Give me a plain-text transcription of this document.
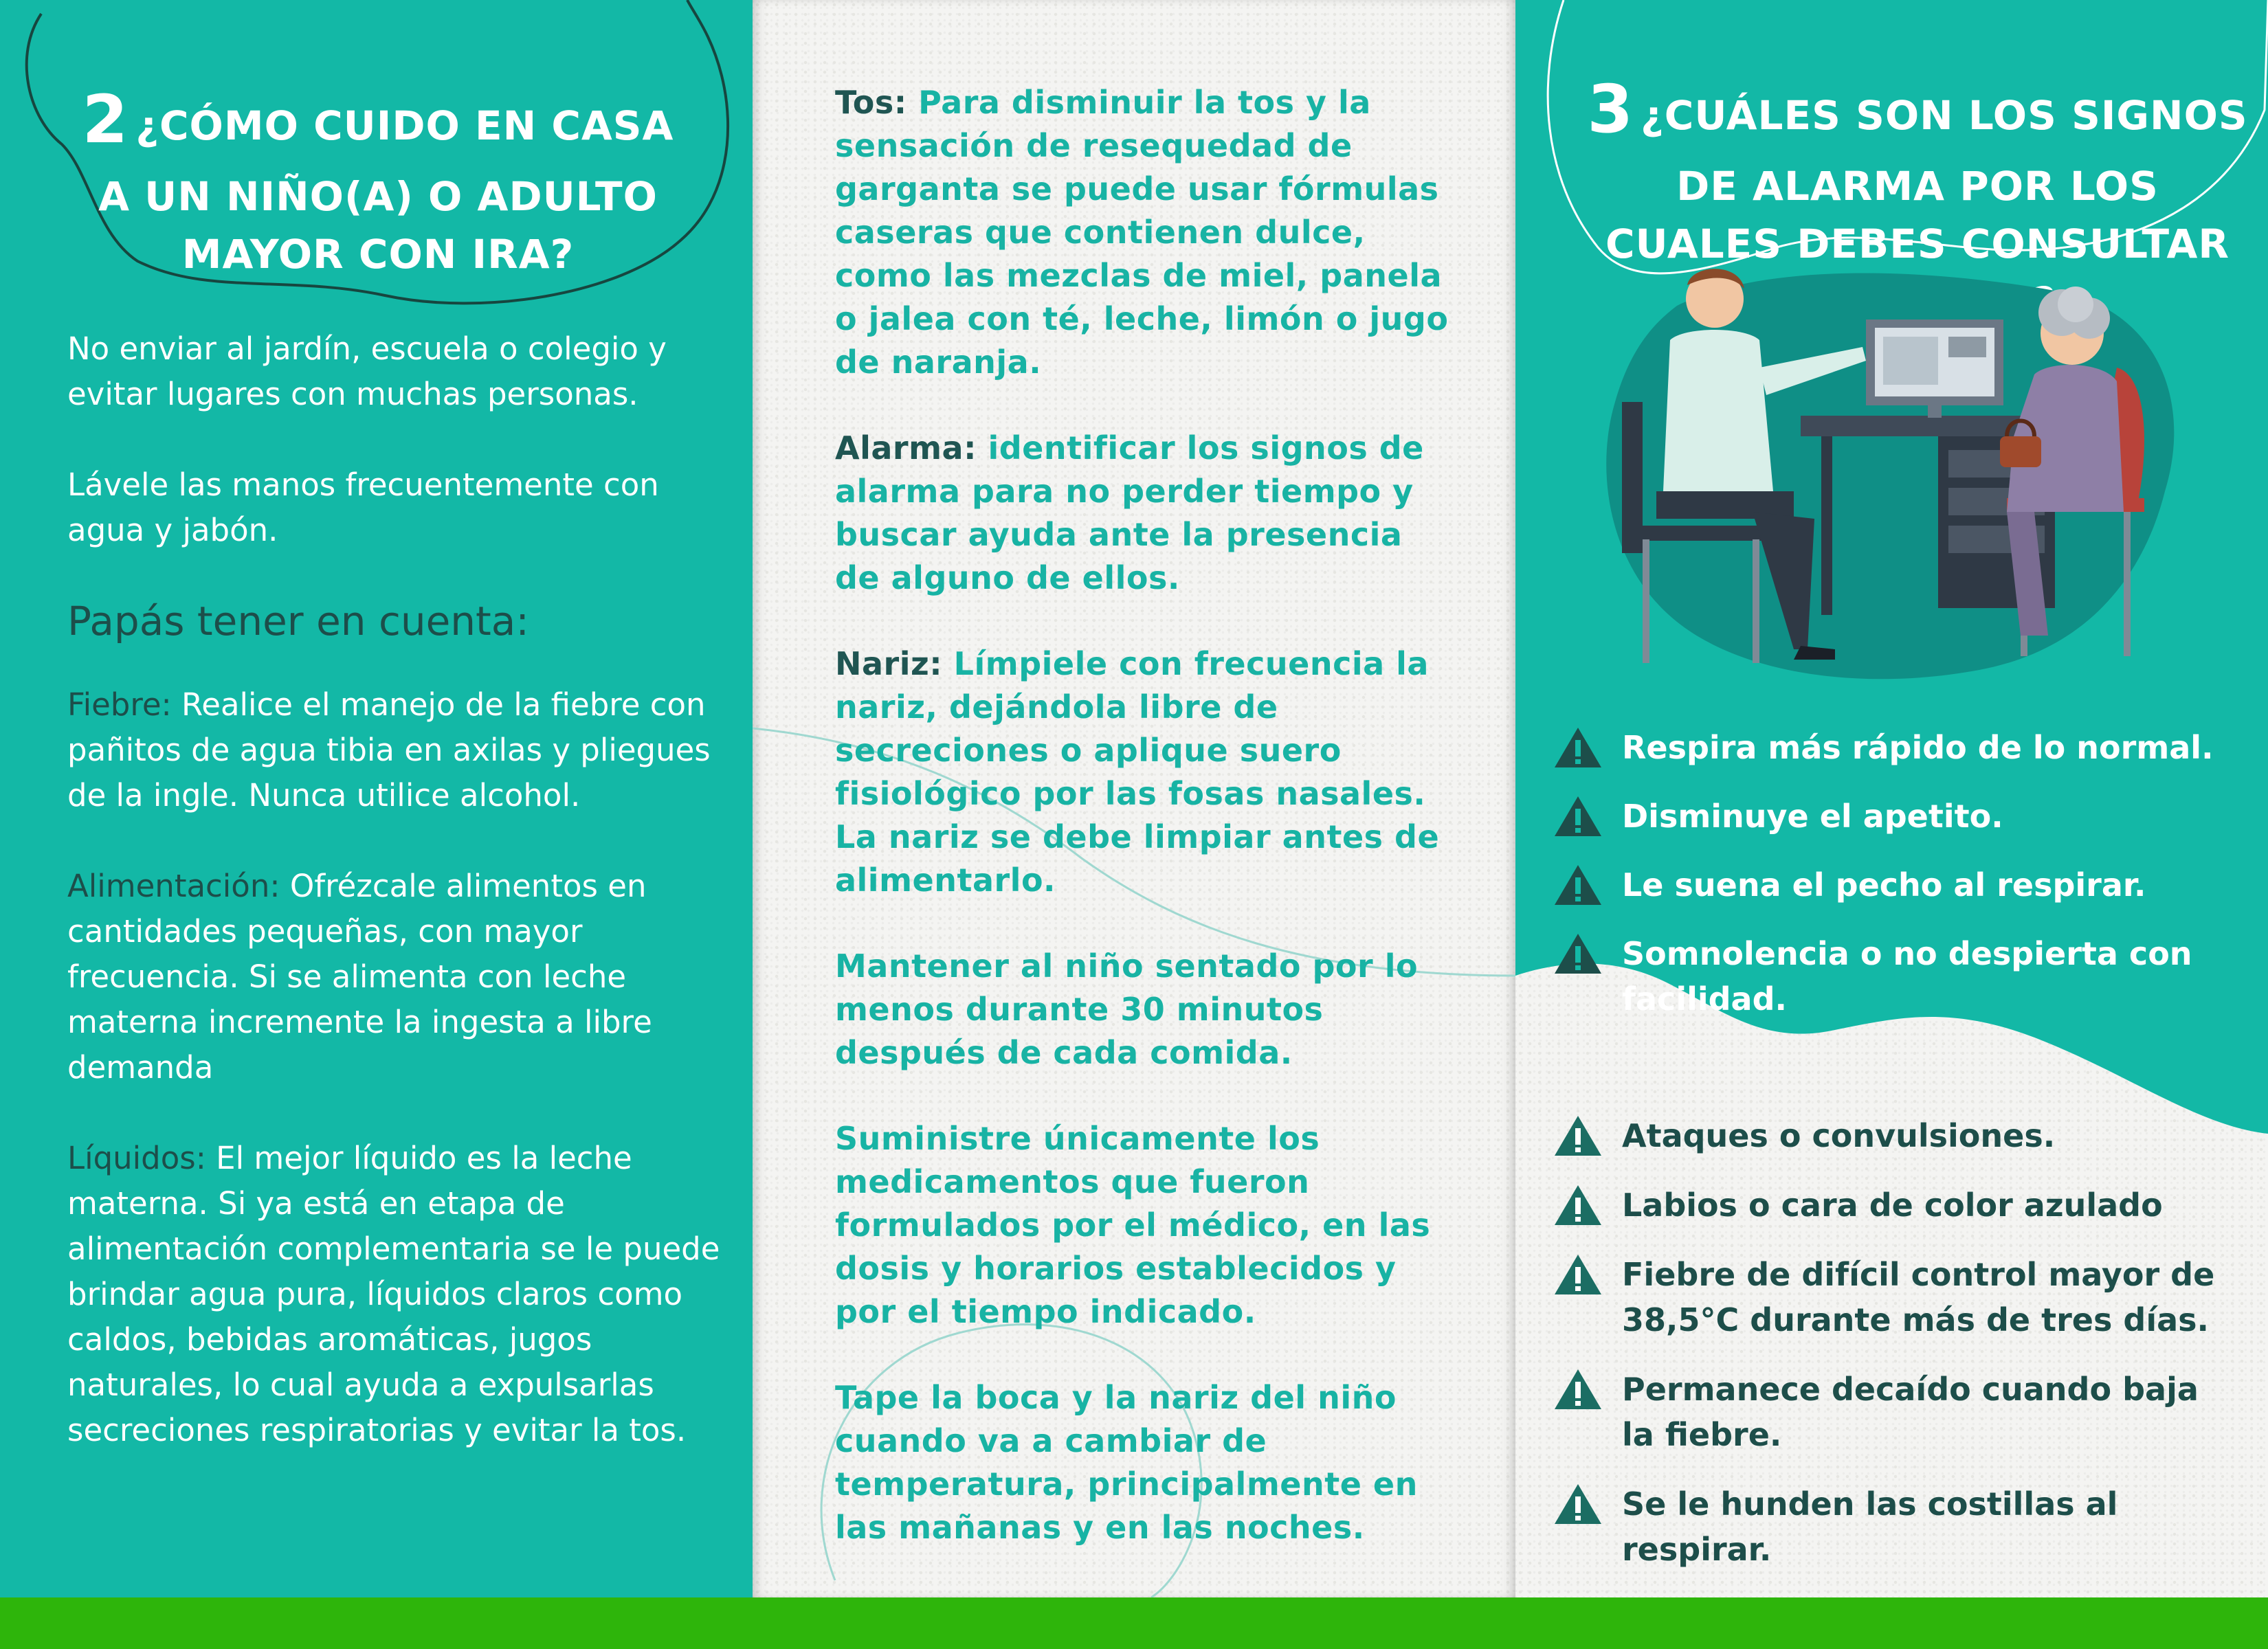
2 ¿CÓMO CUIDO EN CASA A UN NIÑO(A) O ADULTO MAYOR CON IRA?

No enviar al jardín, escuela o colegio y evitar lugares con muchas personas.

Lávele las manos frecuentemente con agua y jabón.

Papás tener en cuenta:

Fiebre: Realice el manejo de la fiebre con pañitos de agua tibia en axilas y pliegues de la ingle. Nunca utilice alcohol.

Alimentación: Ofrézcale alimentos en cantidades pequeñas, con mayor frecuencia. Si se alimenta con leche materna incremente la ingesta a libre demanda

Líquidos: El mejor líquido es la leche materna. Si ya está en etapa de alimentación complementaria se le puede brindar agua pura, líquidos claros como caldos, bebidas aromáticas, jugos naturales, lo cual ayuda a expulsarlas secreciones respiratorias y evitar la tos.

Tos: Para disminuir la tos y la sensación de resequedad de garganta se puede usar fórmulas caseras que contienen dulce, como las mezclas de miel, panela o jalea con té, leche, limón o jugo de naranja.

Alarma: identificar los signos de alarma para no perder tiempo y buscar ayuda ante la presencia de alguno de ellos.

Nariz: Límpiele con frecuencia la nariz, dejándola libre de secreciones o aplique suero fisiológico por las fosas nasales. La nariz se debe limpiar antes de alimentarlo.

Mantener al niño sentado por lo menos durante 30 minutos después de cada comida.

Suministre únicamente los medicamentos que fueron formulados por el médico, en las dosis y horarios establecidos y por el tiempo indicado.

Tape la boca y la nariz del niño cuando va a cambiar de temperatura, principalmente en las mañanas y en las noches.

3 ¿CUÁLES SON LOS SIGNOS DE ALARMA POR LOS CUALES DEBES CONSULTAR

Respira más rápido de lo normal.

Disminuye el apetito.

Le suena el pecho al respirar.

Somnolencia o no despierta con facilidad.

Ataques o convulsiones.

Labios o cara de color azulado

Fiebre de difícil control mayor de 38,5°C durante más de tres días.

Permanece decaído cuando baja la fiebre.

Se le hunden las costillas al respirar.
